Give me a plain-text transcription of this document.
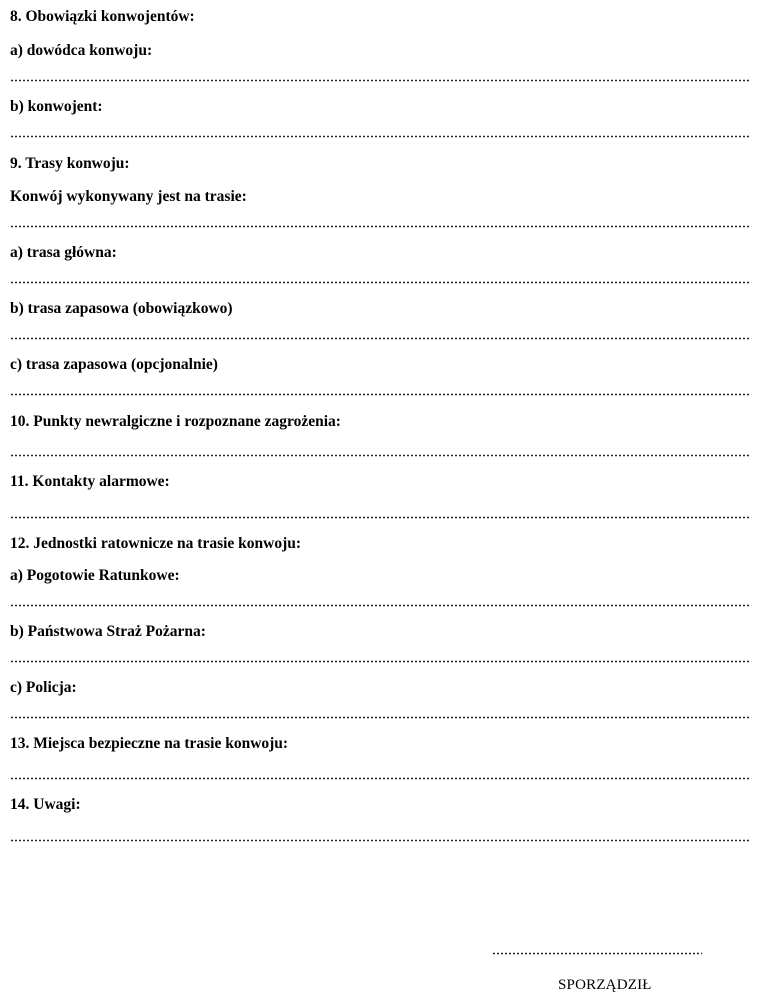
8. Obowiązki konwojentów:
a) dowódca konwoju:
b) konwojent:
9. Trasy konwoju:
Konwój wykonywany jest na trasie:
a) trasa główna:
b) trasa zapasowa (obowiązkowo)
c) trasa zapasowa (opcjonalnie)
10. Punkty newralgiczne i rozpoznane zagrożenia:
11. Kontakty alarmowe:
12. Jednostki ratownicze na trasie konwoju:
a) Pogotowie Ratunkowe:
b) Państwowa Straż Pożarna:
c) Policja:
13. Miejsca bezpieczne na trasie konwoju:
14. Uwagi:
SPORZĄDZIŁ
